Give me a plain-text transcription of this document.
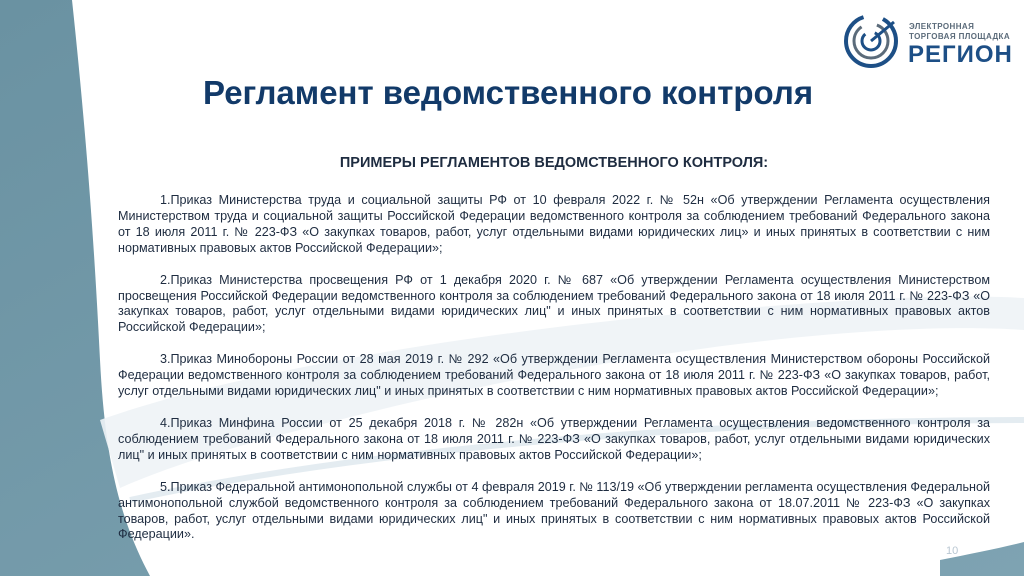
ЭЛЕКТРОННАЯ
ТОРГОВАЯ ПЛОЩАДКА
РЕГИОН
Регламент ведомственного контроля
ПРИМЕРЫ РЕГЛАМЕНТОВ ВЕДОМСТВЕННОГО КОНТРОЛЯ:

1.Приказ Министерства труда и социальной защиты РФ от 10 февраля 2022 г. № 52н «Об утверждении Регламента осуществления Министерством труда и социальной защиты Российской Федерации ведомственного контроля за соблюдением требований Федерального закона от 18 июля 2011 г. № 223-ФЗ «О закупках товаров, работ, услуг отдельными видами юридических лиц» и иных принятых в соответствии с ним нормативных правовых актов Российской Федерации»;

2.Приказ Министерства просвещения РФ от 1 декабря 2020 г. № 687 «Об утверждении Регламента осуществления Министерством просвещения Российской Федерации ведомственного контроля за соблюдением требований Федерального закона от 18 июля 2011 г. № 223-ФЗ «О закупках товаров, работ, услуг отдельными видами юридических лиц" и иных принятых в соответствии с ним нормативных правовых актов Российской Федерации»;

3.Приказ Минобороны России от 28 мая 2019 г. № 292 «Об утверждении Регламента осуществления Министерством обороны Российской Федерации ведомственного контроля за соблюдением требований Федерального закона от 18 июля 2011 г. № 223-ФЗ «О закупках товаров, работ, услуг отдельными видами юридических лиц" и иных принятых в соответствии с ним нормативных правовых актов Российской Федерации»;

4.Приказ Минфина России от 25 декабря 2018 г. № 282н «Об утверждении Регламента осуществления ведомственного контроля за соблюдением требований Федерального закона от 18 июля 2011 г. № 223-ФЗ «О закупках товаров, работ, услуг отдельными видами юридических лиц" и иных принятых в соответствии с ним нормативных правовых актов Российской Федерации»;

5.Приказ Федеральной антимонопольной службы от 4 февраля 2019 г. № 113/19 «Об утверждении регламента осуществления Федеральной антимонопольной службой ведомственного контроля за соблюдением требований Федерального закона от 18.07.2011 № 223-ФЗ «О закупках товаров, работ, услуг отдельными видами юридических лиц" и иных принятых в соответствии с ним нормативных правовых актов Российской Федерации».

10
